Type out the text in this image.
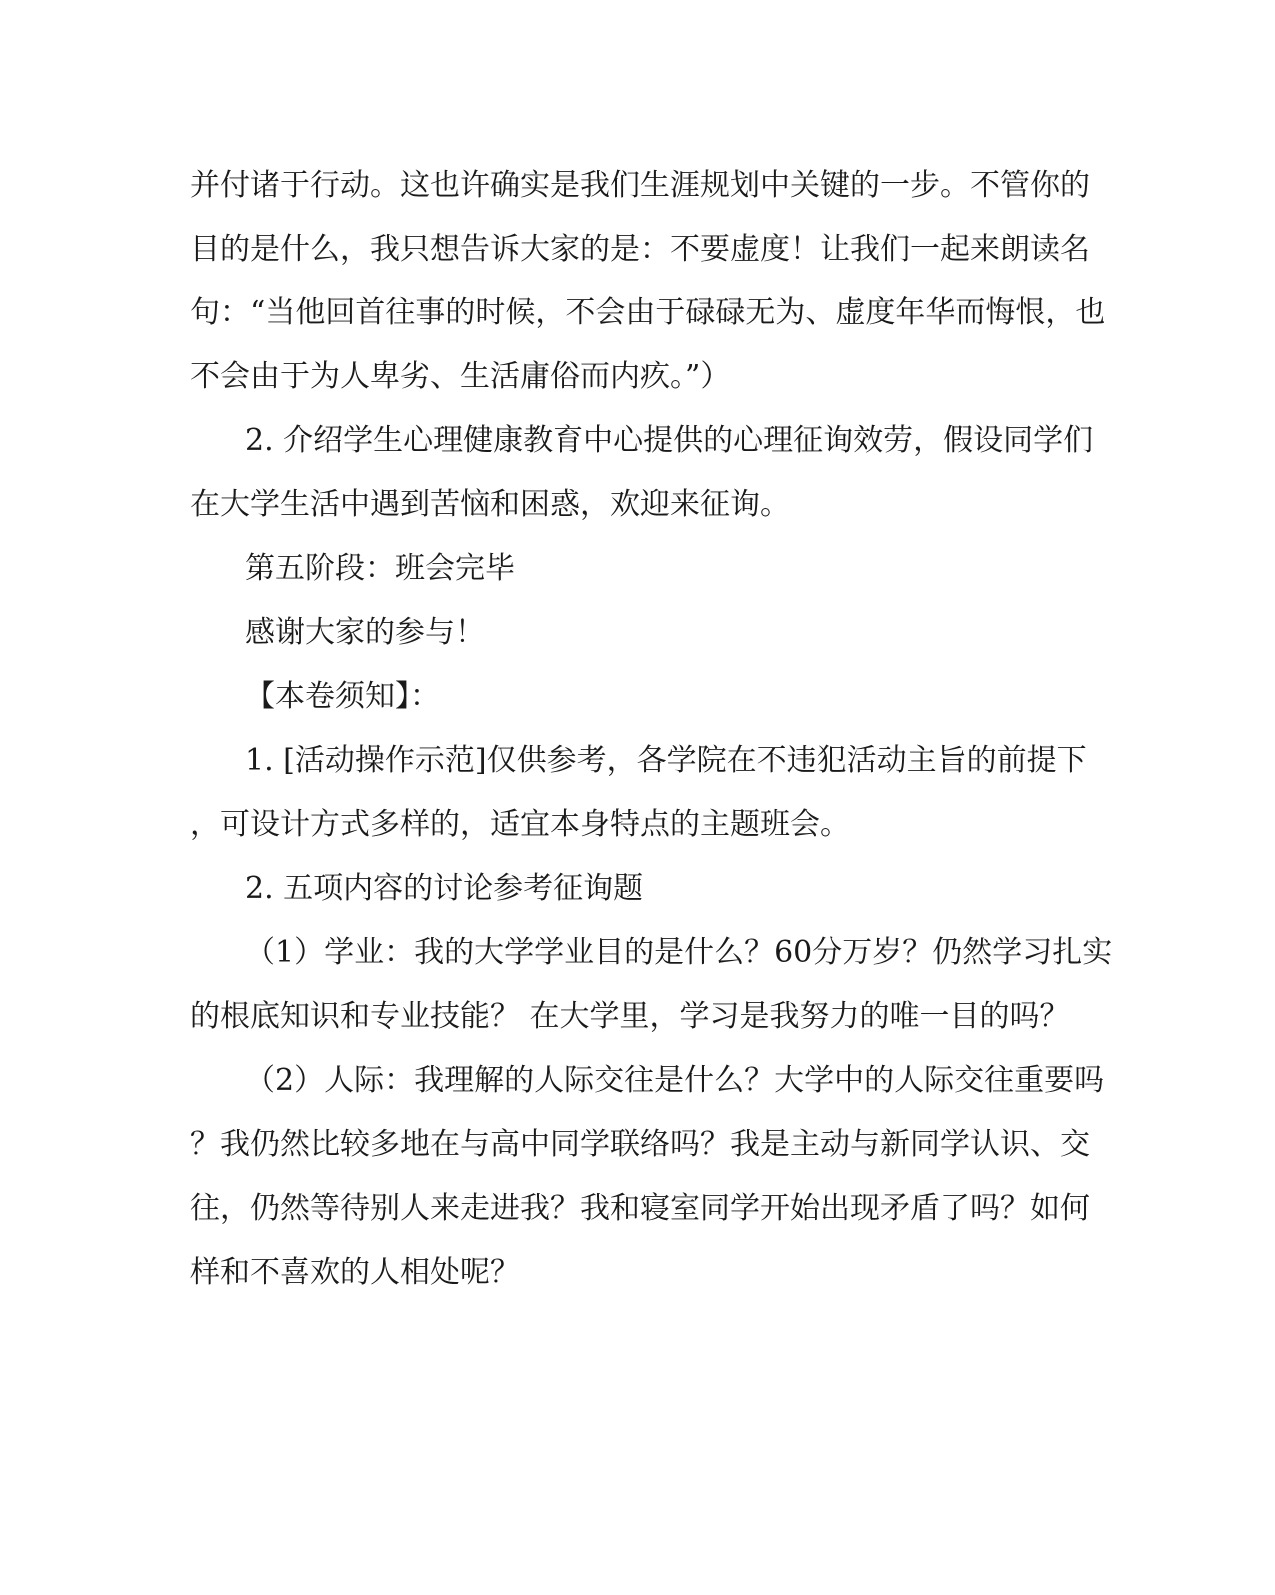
并付诸于行动。这也许确实是我们生涯规划中关键的一步。不管你的
目的是什么，我只想告诉大家的是：不要虚度！让我们一起来朗读名
句：“当他回首往事的时候，不会由于碌碌无为、虚度年华而悔恨，也
不会由于为人卑劣、生活庸俗而内疚。”）
2. 介绍学生心理健康教育中心提供的心理征询效劳，假设同学们
在大学生活中遇到苦恼和困惑，欢迎来征询。
第五阶段：班会完毕
感谢大家的参与！
【本卷须知】：
1. [活动操作示范]仅供参考，各学院在不违犯活动主旨的前提下
，可设计方式多样的，适宜本身特点的主题班会。
2. 五项内容的讨论参考征询题
（1）学业：我的大学学业目的是什么？60分万岁？仍然学习扎实
的根底知识和专业技能？ 在大学里，学习是我努力的唯一目的吗？
（2）人际：我理解的人际交往是什么？大学中的人际交往重要吗
？我仍然比较多地在与高中同学联络吗？我是主动与新同学认识、交
往，仍然等待别人来走进我？我和寝室同学开始出现矛盾了吗？如何
样和不喜欢的人相处呢？
